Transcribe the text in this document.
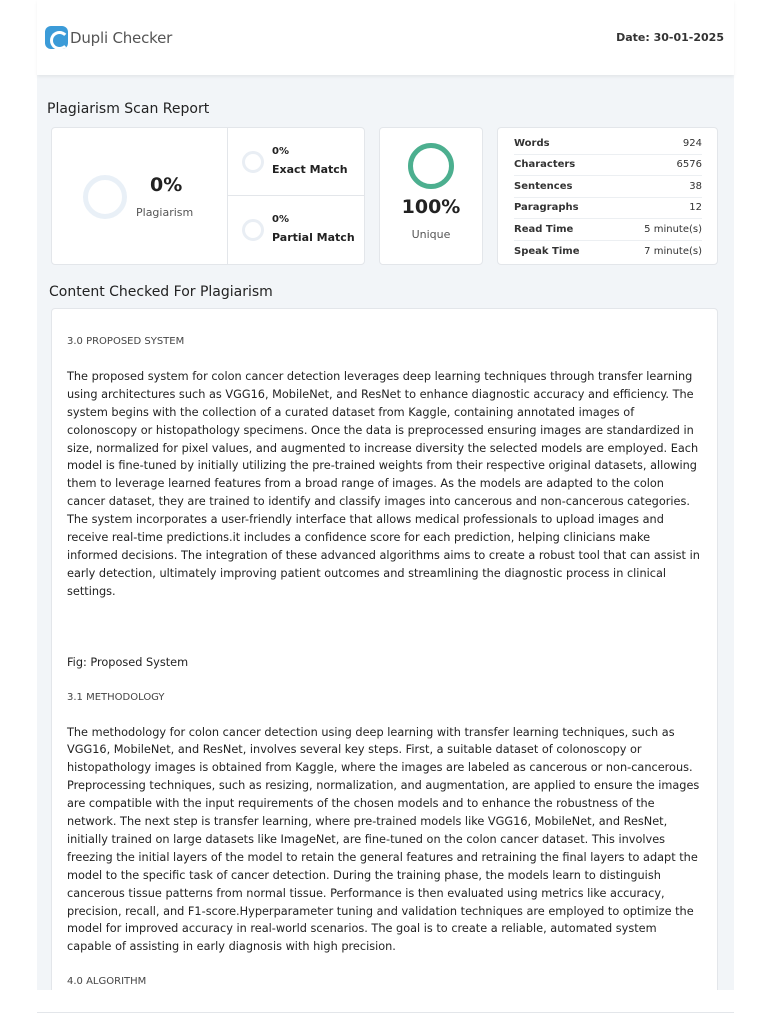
Dupli Checker	Date: 30-01-2025
Plagiarism Scan Report
0%
Plagiarism
0%
Exact Match
0%
Partial Match
100%
Unique
Words	924
Characters	6576
Sentences	38
Paragraphs	12
Read Time	5 minute(s)
Speak Time	7 minute(s)
Content Checked For Plagiarism

3.0 PROPOSED SYSTEM

The proposed system for colon cancer detection leverages deep learning techniques through transfer learning using architectures such as VGG16, MobileNet, and ResNet to enhance diagnostic accuracy and efficiency. The system begins with the collection of a curated dataset from Kaggle, containing annotated images of colonoscopy or histopathology specimens. Once the data is preprocessed ensuring images are standardized in size, normalized for pixel values, and augmented to increase diversity the selected models are employed. Each model is fine-tuned by initially utilizing the pre-trained weights from their respective original datasets, allowing them to leverage learned features from a broad range of images. As the models are adapted to the colon cancer dataset, they are trained to identify and classify images into cancerous and non-cancerous categories. The system incorporates a user-friendly interface that allows medical professionals to upload images and receive real-time predictions.it includes a confidence score for each prediction, helping clinicians make informed decisions. The integration of these advanced algorithms aims to create a robust tool that can assist in early detection, ultimately improving patient outcomes and streamlining the diagnostic process in clinical settings.

Fig: Proposed System

3.1 METHODOLOGY

The methodology for colon cancer detection using deep learning with transfer learning techniques, such as VGG16, MobileNet, and ResNet, involves several key steps. First, a suitable dataset of colonoscopy or histopathology images is obtained from Kaggle, where the images are labeled as cancerous or non-cancerous. Preprocessing techniques, such as resizing, normalization, and augmentation, are applied to ensure the images are compatible with the input requirements of the chosen models and to enhance the robustness of the network. The next step is transfer learning, where pre-trained models like VGG16, MobileNet, and ResNet, initially trained on large datasets like ImageNet, are fine-tuned on the colon cancer dataset. This involves freezing the initial layers of the model to retain the general features and retraining the final layers to adapt the model to the specific task of cancer detection. During the training phase, the models learn to distinguish cancerous tissue patterns from normal tissue. Performance is then evaluated using metrics like accuracy, precision, recall, and F1-score.Hyperparameter tuning and validation techniques are employed to optimize the model for improved accuracy in real-world scenarios. The goal is to create a reliable, automated system capable of assisting in early diagnosis with high precision.

4.0 ALGORITHM
